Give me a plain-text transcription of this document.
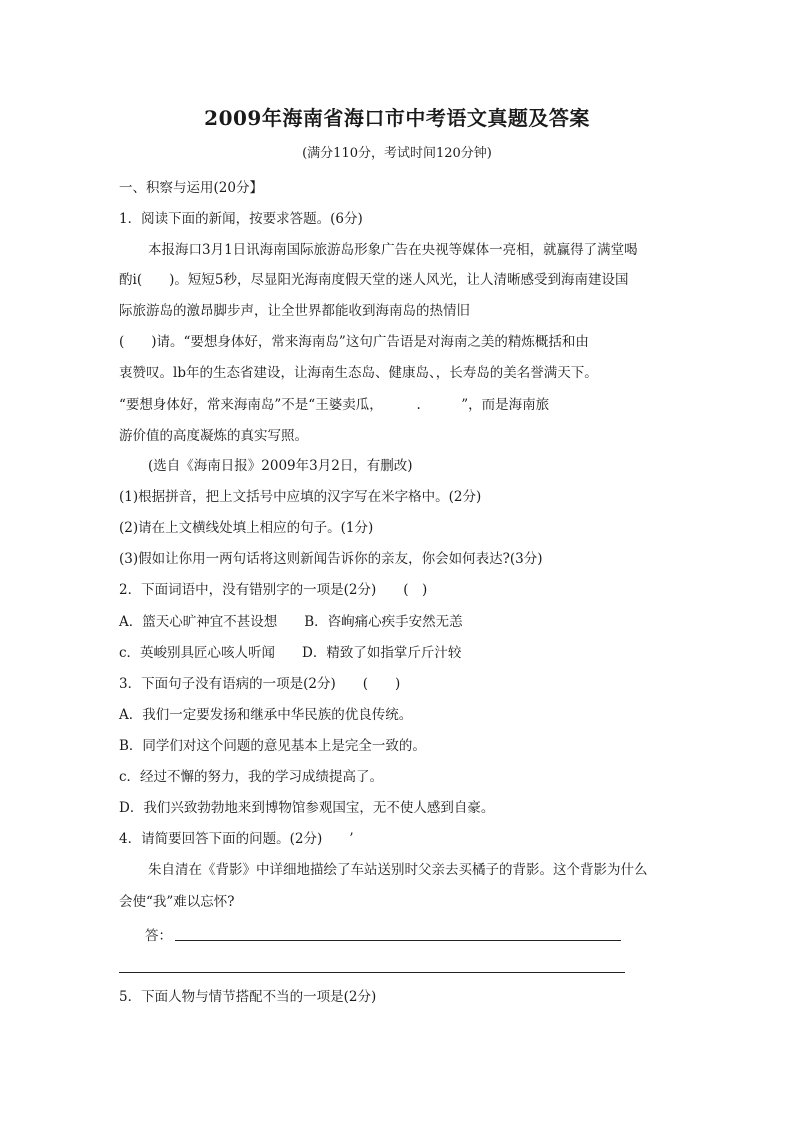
2009年海南省海口市中考语文真题及答案
(满分110分，考试时间120分钟)
一、积察与运用(20分】
1．阅读下面的新闻，按要求答题。(6分)
本报海口3月1日讯海南国际旅游岛形象广告在央视等媒体一亮相，就赢得了满堂喝
酌i(　　)。短短5秒，尽显阳光海南度假天堂的迷人风光，让人清晰感受到海南建设国
际旅游岛的激昂脚步声，让全世界都能收到海南岛的热情旧
(　　)请。“要想身体好，常来海南岛”这句广告语是对海南之美的精炼概括和由
衷赞叹。lb年的生态省建设，让海南生态岛、健康岛、，长寿岛的美名誉满天下。
“要想身体好，常来海南岛”不是“王婆卖瓜，　　　.　　　”，而是海南旅
游价值的高度凝炼的真实写照。
(选自《海南日报》2009年3月2日，有删改)
(1)根据拼音，把上文括号中应填的汉字写在米字格中。(2分)
(2)请在上文横线处填上相应的句子。(1分)
(3)假如让你用一两句话将这则新闻告诉你的亲友，你会如何表达?(3分)
2．下面词语中，没有错别字的一项是(2分)　　(　)
A．篮天心旷神宜不甚设想　　B．咨峋痛心疾手安然无恙
c．英峻别具匠心咳人听闻　　D．精致了如指掌斤斤汁较
3．下面句子没有语病的一项是(2分)　　(　　)
A．我们一定要发扬和继承中华民族的优良传统。
B．同学们对这个问题的意见基本上是完全一致的。
c．经过不懈的努力，我的学习成绩提高了。
D．我们兴致勃勃地来到博物馆参观国宝，无不使人感到自豪。
4．请简要回答下面的问题。(2分)　　’
朱自清在《背影》中详细地描绘了车站送别时父亲去买橘子的背影。这个背影为什么
会使“我”难以忘怀?
答：
5．下面人物与情节搭配不当的一项是(2分)
